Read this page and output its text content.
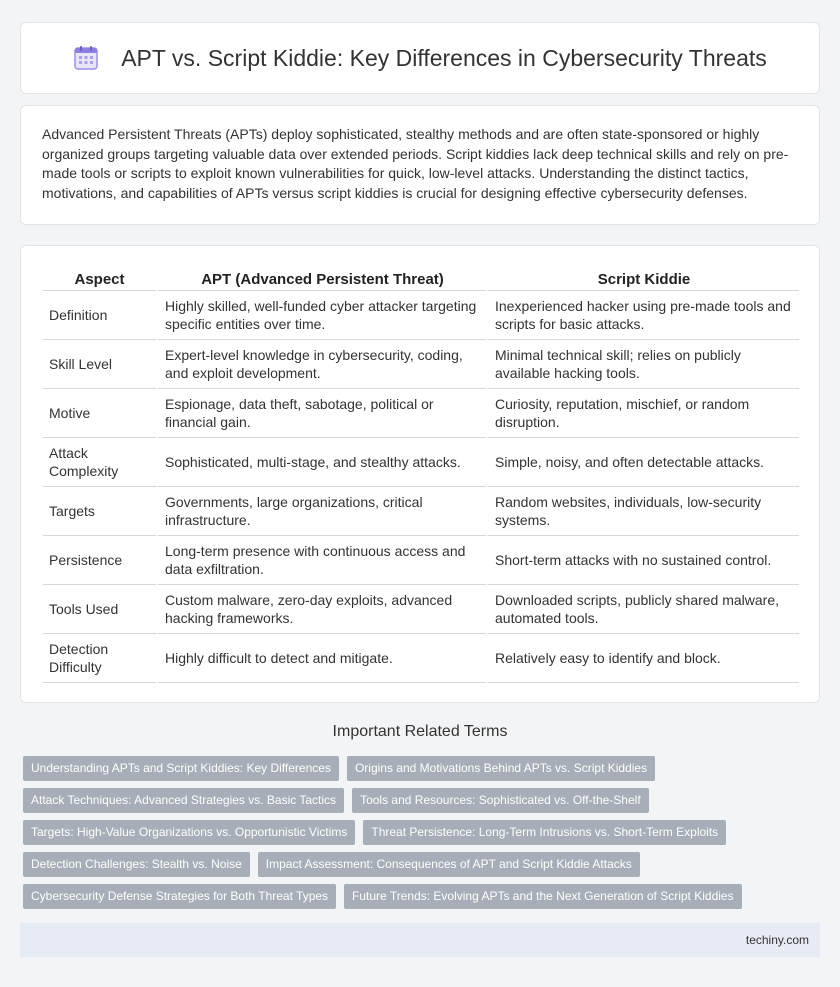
APT vs. Script Kiddie: Key Differences in Cybersecurity Threats

Advanced Persistent Threats (APTs) deploy sophisticated, stealthy methods and are often state-sponsored or highly organized groups targeting valuable data over extended periods. Script kiddies lack deep technical skills and rely on pre-made tools or scripts to exploit known vulnerabilities for quick, low-level attacks. Understanding the distinct tactics, motivations, and capabilities of APTs versus script kiddies is crucial for designing effective cybersecurity defenses.

Aspect	APT (Advanced Persistent Threat)	Script Kiddie
Definition	Highly skilled, well-funded cyber attacker targeting specific entities over time.	Inexperienced hacker using pre-made tools and scripts for basic attacks.
Skill Level	Expert-level knowledge in cybersecurity, coding, and exploit development.	Minimal technical skill; relies on publicly available hacking tools.
Motive	Espionage, data theft, sabotage, political or financial gain.	Curiosity, reputation, mischief, or random disruption.
Attack Complexity	Sophisticated, multi-stage, and stealthy attacks.	Simple, noisy, and often detectable attacks.
Targets	Governments, large organizations, critical infrastructure.	Random websites, individuals, low-security systems.
Persistence	Long-term presence with continuous access and data exfiltration.	Short-term attacks with no sustained control.
Tools Used	Custom malware, zero-day exploits, advanced hacking frameworks.	Downloaded scripts, publicly shared malware, automated tools.
Detection Difficulty	Highly difficult to detect and mitigate.	Relatively easy to identify and block.
Important Related Terms
Understanding APTs and Script Kiddies: Key Differences	Origins and Motivations Behind APTs vs. Script Kiddies
Attack Techniques: Advanced Strategies vs. Basic Tactics	Tools and Resources: Sophisticated vs. Off-the-Shelf
Targets: High-Value Organizations vs. Opportunistic Victims	Threat Persistence: Long-Term Intrusions vs. Short-Term Exploits
Detection Challenges: Stealth vs. Noise	Impact Assessment: Consequences of APT and Script Kiddie Attacks
Cybersecurity Defense Strategies for Both Threat Types	Future Trends: Evolving APTs and the Next Generation of Script Kiddies
techiny.com
